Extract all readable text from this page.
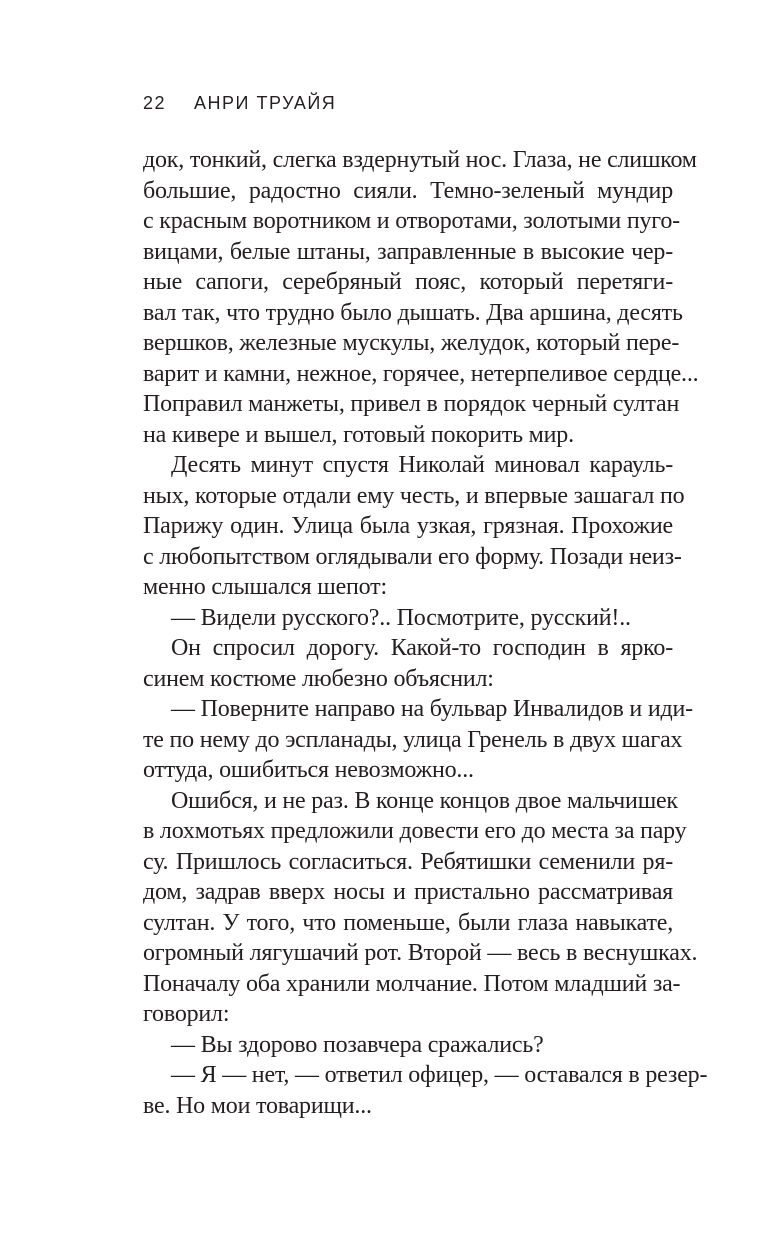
22 АНРИ ТРУАЙЯ
док, тонкий, слегка вздернутый нос. Глаза, не слишком
большие, радостно сияли. Темно-зеленый мундир
с красным воротником и отворотами, золотыми пуго-
вицами, белые штаны, заправленные в высокие чер-
ные сапоги, серебряный пояс, который перетяги-
вал так, что трудно было дышать. Два аршина, десять
вершков, железные мускулы, желудок, который пере-
варит и камни, нежное, горячее, нетерпеливое сердце...
Поправил манжеты, привел в порядок черный султан
на кивере и вышел, готовый покорить мир.
Десять минут спустя Николай миновал карауль-
ных, которые отдали ему честь, и впервые зашагал по
Парижу один. Улица была узкая, грязная. Прохожие
с любопытством оглядывали его форму. Позади неиз-
менно слышался шепот:
— Видели русского?.. Посмотрите, русский!..
Он спросил дорогу. Какой-то господин в ярко-
синем костюме любезно объяснил:
— Поверните направо на бульвар Инвалидов и иди-
те по нему до эспланады, улица Гренель в двух шагах
оттуда, ошибиться невозможно...
Ошибся, и не раз. В конце концов двое мальчишек
в лохмотьях предложили довести его до места за пару
су. Пришлось согласиться. Ребятишки семенили ря-
дом, задрав вверх носы и пристально рассматривая
султан. У того, что поменьше, были глаза навыкате,
огромный лягушачий рот. Второй — весь в веснушках.
Поначалу оба хранили молчание. Потом младший за-
говорил:
— Вы здорово позавчера сражались?
— Я — нет, — ответил офицер, — оставался в резер-
ве. Но мои товарищи...
